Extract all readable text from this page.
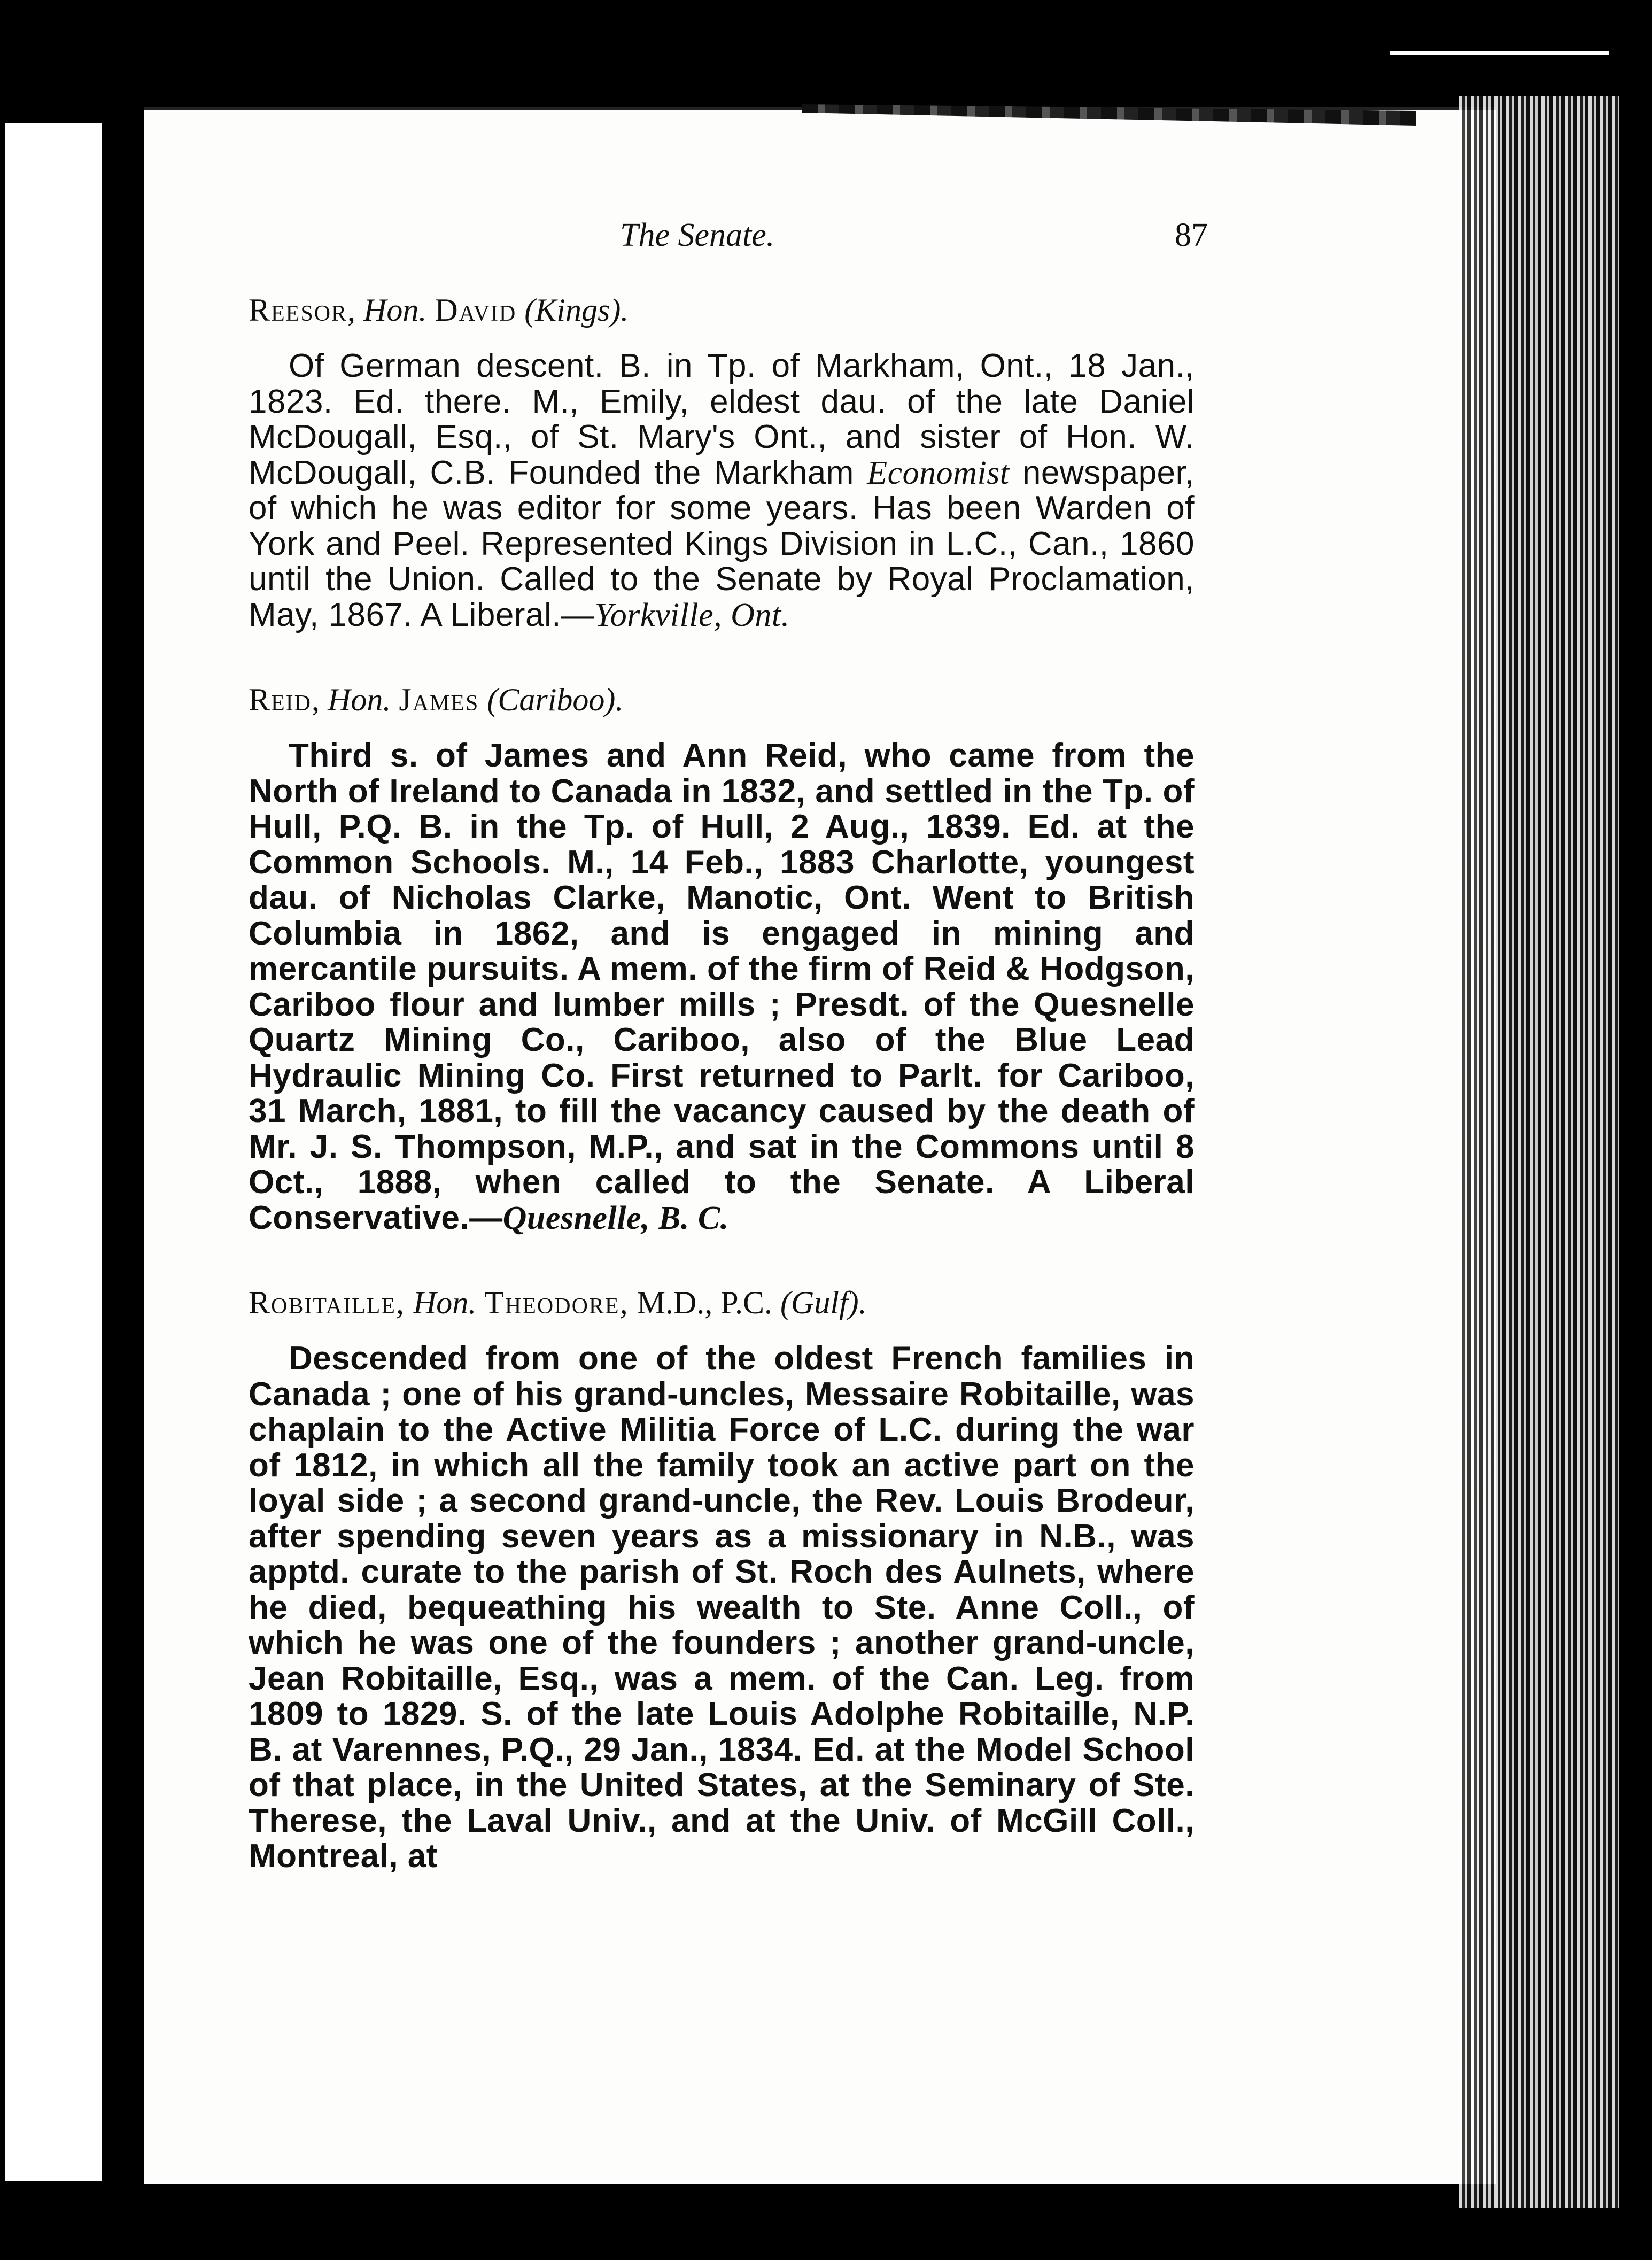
The Senate.	87

Reesor, Hon. David (Kings).

Of German descent. B. in Tp. of Markham, Ont., 18 Jan., 1823. Ed. there. M., Emily, eldest dau. of the late Daniel McDougall, Esq., of St. Mary's Ont., and sister of Hon. W. McDougall, C.B. Founded the Markham Economist newspaper, of which he was editor for some years. Has been Warden of York and Peel. Represented Kings Division in L.C., Can., 1860 until the Union. Called to the Senate by Royal Proclamation, May, 1867. A Liberal.—Yorkville, Ont.

Reid, Hon. James (Cariboo).

Third s. of James and Ann Reid, who came from the North of Ireland to Canada in 1832, and settled in the Tp. of Hull, P.Q. B. in the Tp. of Hull, 2 Aug., 1839. Ed. at the Common Schools. M., 14 Feb., 1883 Charlotte, youngest dau. of Nicholas Clarke, Manotic, Ont. Went to British Columbia in 1862, and is engaged in mining and mercantile pursuits. A mem. of the firm of Reid & Hodgson, Cariboo flour and lumber mills ; Presdt. of the Quesnelle Quartz Mining Co., Cariboo, also of the Blue Lead Hydraulic Mining Co. First returned to Parlt. for Cariboo, 31 March, 1881, to fill the vacancy caused by the death of Mr. J. S. Thompson, M.P., and sat in the Commons until 8 Oct., 1888, when called to the Senate. A Liberal Conservative.—Quesnelle, B. C.

Robitaille, Hon. Theodore, M.D., P.C. (Gulf).

Descended from one of the oldest French families in Canada ; one of his grand-uncles, Messaire Robitaille, was chaplain to the Active Militia Force of L.C. during the war of 1812, in which all the family took an active part on the loyal side ; a second grand-uncle, the Rev. Louis Brodeur, after spending seven years as a missionary in N.B., was apptd. curate to the parish of St. Roch des Aulnets, where he died, bequeathing his wealth to Ste. Anne Coll., of which he was one of the founders ; another grand-uncle, Jean Robitaille, Esq., was a mem. of the Can. Leg. from 1809 to 1829. S. of the late Louis Adolphe Robitaille, N.P. B. at Varennes, P.Q., 29 Jan., 1834. Ed. at the Model School of that place, in the United States, at the Seminary of Ste. Therese, the Laval Univ., and at the Univ. of McGill Coll., Montreal, at
